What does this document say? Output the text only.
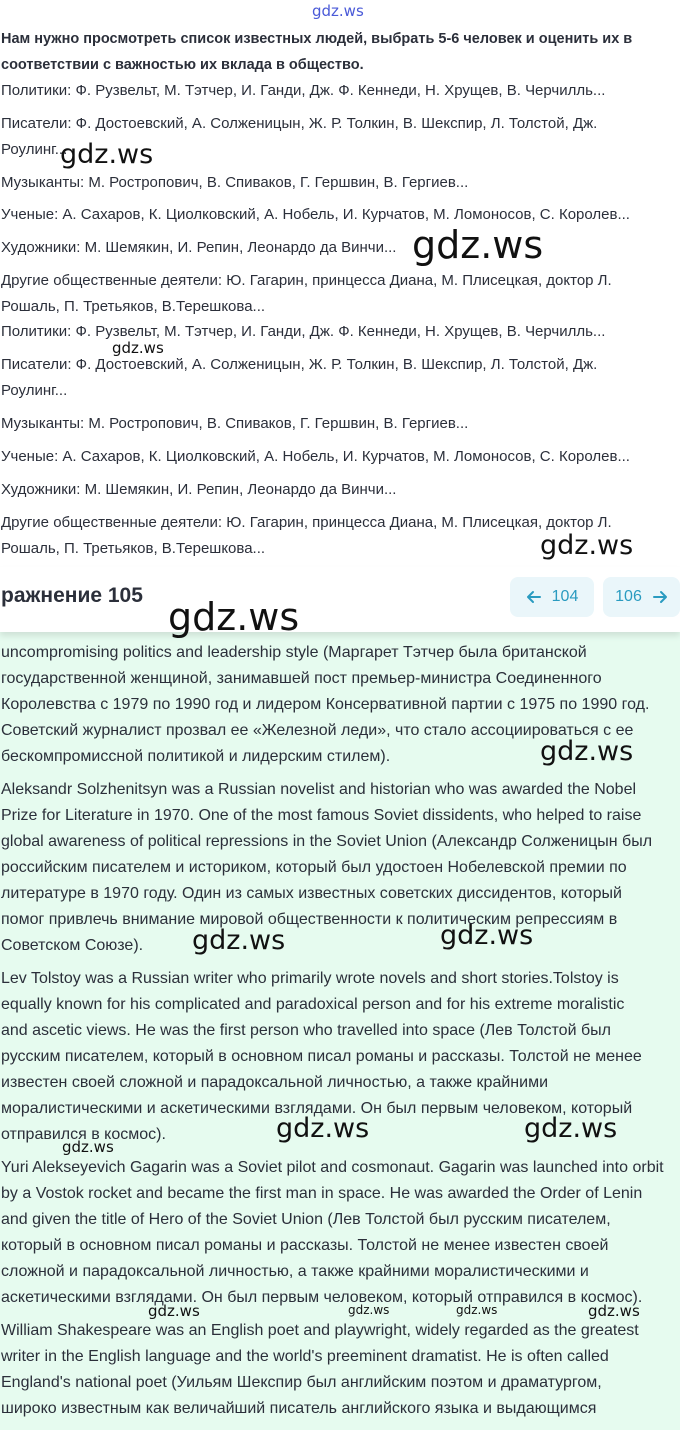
gdz.ws
Нам нужно просмотреть список известных людей, выбрать 5-6 человек и оценить их в
соответствии с важностью их вклада в общество.
Политики: Ф. Рузвельт, М. Тэтчер, И. Ганди, Дж. Ф. Кеннеди, Н. Хрущев, В. Черчилль...
Писатели: Ф. Достоевский, А. Солженицын, Ж. Р. Толкин, В. Шекспир, Л. Толстой, Дж.
Роулинг...
Музыканты: М. Ростропович, В. Спиваков, Г. Гершвин, В. Гергиев...
Ученые: А. Сахаров, К. Циолковский, А. Нобель, И. Курчатов, М. Ломоносов, С. Королев...
Художники: М. Шемякин, И. Репин, Леонардо да Винчи...
Другие общественные деятели: Ю. Гагарин, принцесса Диана, М. Плисецкая, доктор Л.
Рошаль, П. Третьяков, В.Терешкова...
Политики: Ф. Рузвельт, М. Тэтчер, И. Ганди, Дж. Ф. Кеннеди, Н. Хрущев, В. Черчилль...
Писатели: Ф. Достоевский, А. Солженицын, Ж. Р. Толкин, В. Шекспир, Л. Толстой, Дж.
Роулинг...
Музыканты: М. Ростропович, В. Спиваков, Г. Гершвин, В. Гергиев...
Ученые: А. Сахаров, К. Циолковский, А. Нобель, И. Курчатов, М. Ломоносов, С. Королев...
Художники: М. Шемякин, И. Репин, Леонардо да Винчи...
Другие общественные деятели: Ю. Гагарин, принцесса Диана, М. Плисецкая, доктор Л.
Рошаль, П. Третьяков, В.Терешкова...
gdz.ws
gdz.ws
gdz.ws
gdz.ws
ражнение 105	104 106
uncompromising politics and leadership style (Маргарет Тэтчер была британской
государственной женщиной, занимавшей пост премьер-министра Соединенного
Королевства с 1979 по 1990 год и лидером Консервативной партии с 1975 по 1990 год.
Советский журналист прозвал ее «Железной леди», что стало ассоциироваться с ее
бескомпромиссной политикой и лидерским стилем).
Aleksandr Solzhenitsyn was a Russian novelist and historian who was awarded the Nobel
Prize for Literature in 1970. One of the most famous Soviet dissidents, who helped to raise
global awareness of political repressions in the Soviet Union (Александр Солженицын был
российским писателем и историком, который был удостоен Нобелевской премии по
литературе в 1970 году. Один из самых известных советских диссидентов, который
помог привлечь внимание мировой общественности к политическим репрессиям в
Советском Союзе).
Lev Tolstoy was a Russian writer who primarily wrote novels and short stories.Tolstoy is
equally known for his complicated and paradoxical person and for his extreme moralistic
and ascetic views. He was the first person who travelled into space (Лев Толстой был
русским писателем, который в основном писал романы и рассказы. Толстой не менее
известен своей сложной и парадоксальной личностью, а также крайними
моралистическими и аскетическими взглядами. Он был первым человеком, который
отправился в космос).
Yuri Alekseyevich Gagarin was a Soviet pilot and cosmonaut. Gagarin was launched into orbit
by a Vostok rocket and became the first man in space. He was awarded the Order of Lenin
and given the title of Hero of the Soviet Union (Лев Толстой был русским писателем,
который в основном писал романы и рассказы. Толстой не менее известен своей
сложной и парадоксальной личностью, а также крайними моралистическими и
аскетическими взглядами. Он был первым человеком, который отправился в космос).
William Shakespeare was an English poet and playwright, widely regarded as the greatest
writer in the English language and the world's preeminent dramatist. He is often called
England's national poet (Уильям Шекспир был английским поэтом и драматургом,
широко известным как величайший писатель английского языка и выдающимся
gdz.ws
gdz.ws	gdz.ws
gdz.ws	gdz.ws
gdz.ws
gdz.ws	gdz.ws	gdz.ws	gdz.ws
gdz.ws
